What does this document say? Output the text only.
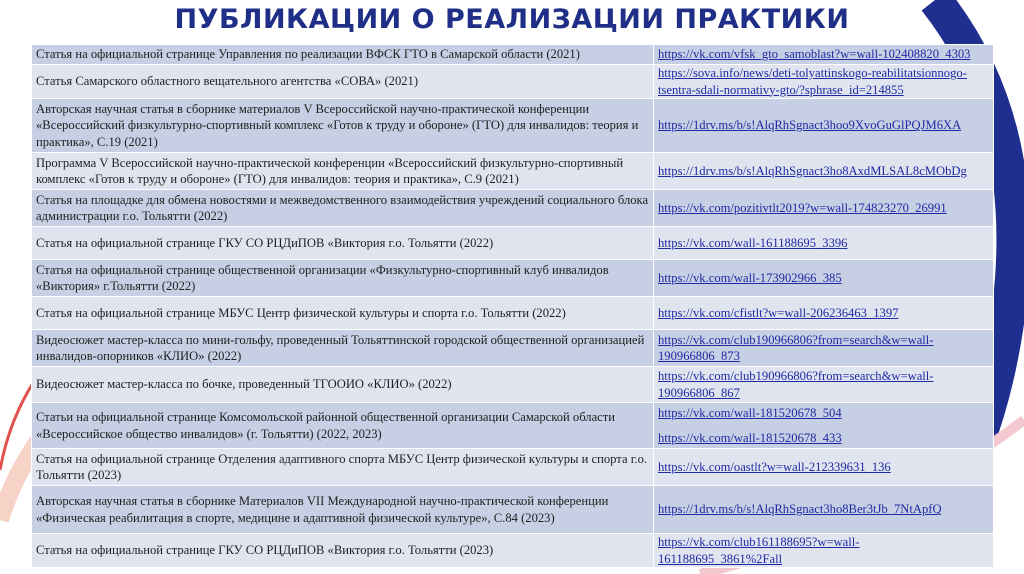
ПУБЛИКАЦИИ О РЕАЛИЗАЦИИ ПРАКТИКИ
Статья на официальной странице Управления по реализации ВФСК ГТО в Самарской области (2021)	https://vk.com/vfsk_gto_samoblast?w=wall-102408820_4303

Статья Самарского областного вещательного агентства «СОВА» (2021)	https://sova.info/news/deti-tolyattinskogo-reabilitatsionnogo-
tsentra-sdali-normativy-gto/?sphrase_id=214855

Авторская научная статья в сборнике материалов V Всероссийской научно-практической конференции «Всероссийский физкультурно-спортивный комплекс «Готов к труду и обороне» (ГТО) для инвалидов: теория и практика», С.19 (2021)	https://1drv.ms/b/s!AlqRhSgnact3hoo9XvoGuGlPQJM6XA

Программа V Всероссийской научно-практической конференции «Всероссийский физкультурно-спортивный комплекс «Готов к труду и обороне» (ГТО) для инвалидов: теория и практика», С.9 (2021)	https://1drv.ms/b/s!AlqRhSgnact3ho8AxdMLSAL8cMObDg

Статья на площадке для обмена новостями и межведомственного взаимодействия учреждений социального блока администрации г.о. Тольятти (2022)	https://vk.com/pozitivtlt2019?w=wall-174823270_26991

Статья на официальной странице ГКУ СО РЦДиПОВ «Виктория г.о. Тольятти (2022)	https://vk.com/wall-161188695_3396

Статья на официальной странице общественной организации «Физкультурно-спортивный клуб инвалидов «Виктория» г.Тольятти (2022)	https://vk.com/wall-173902966_385

Статья на официальной странице МБУС Центр физической культуры и спорта г.о. Тольятти (2022)	https://vk.com/cfistlt?w=wall-206236463_1397

Видеосюжет мастер-класса по мини-гольфу, проведенный Тольяттинской городской общественной организацией инвалидов-опорников «КЛИО» (2022)	https://vk.com/club190966806?from=search&w=wall-
190966806_873

Видеосюжет мастер-класса по бочке, проведенный ТГООИО «КЛИО» (2022)	https://vk.com/club190966806?from=search&w=wall-
190966806_867

Статьи на официальной странице Комсомольской районной общественной организации Самарской области «Всероссийское общество инвалидов» (г. Тольятти) (2022, 2023)	https://vk.com/wall-181520678_504
https://vk.com/wall-181520678_433

Статья на официальной странице Отделения адаптивного спорта МБУС Центр физической культуры и спорта г.о. Тольятти (2023)	https://vk.com/oastlt?w=wall-212339631_136

Авторская научная статья в сборнике Материалов VII Международной научно-практической конференции «Физическая реабилитация в спорте, медицине и адаптивной физической культуре», С.84 (2023)	https://1drv.ms/b/s!AlqRhSgnact3ho8Ber3tJb_7NtApfQ

Статья на официальной странице ГКУ СО РЦДиПОВ «Виктория г.о. Тольятти (2023)	https://vk.com/club161188695?w=wall-
161188695_3861%2Fall
